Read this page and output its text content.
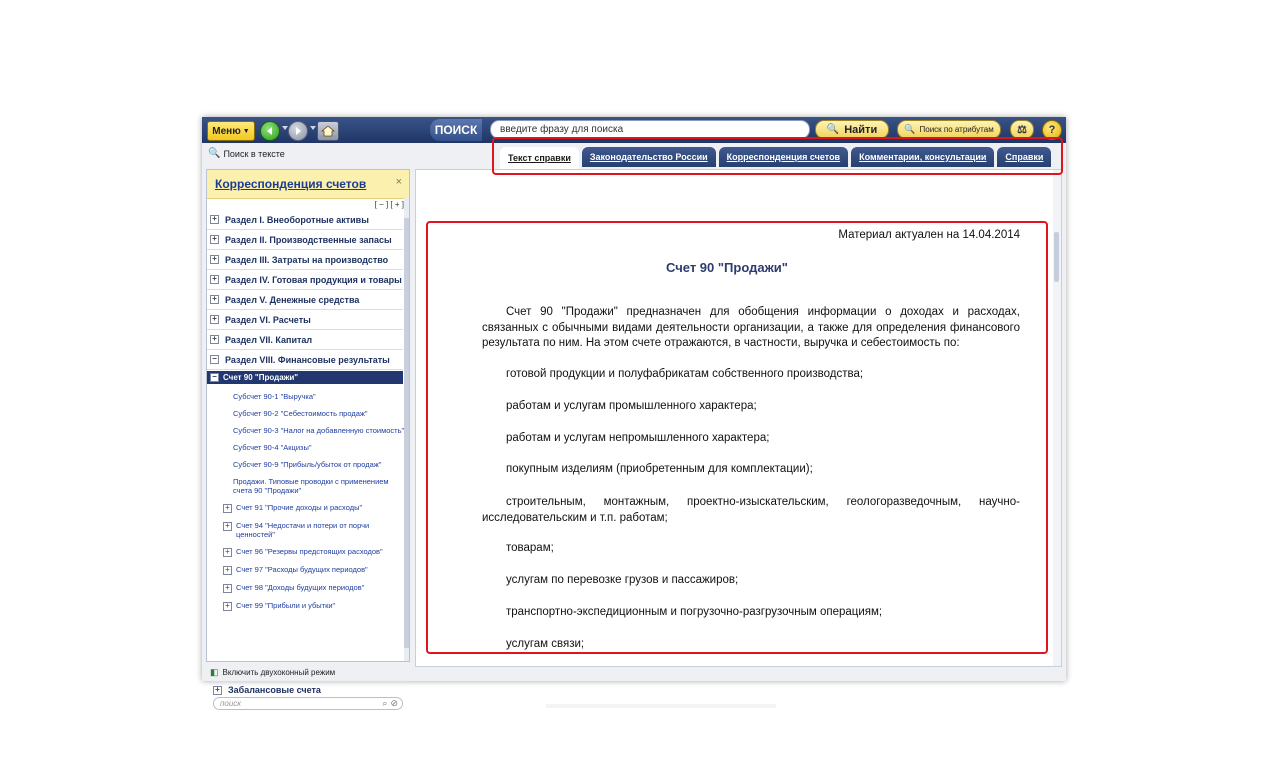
Меню ▼	ПОИСК	введите фразу для поиска	🔍 Найти	🔍 Поиск по атрибутам ⚖ ?
🔍 Поиск в тексте	Текст справки	Законодательство России	Корреспонденция счетов	Комментарии, консультации	Справки
Корреспонденция счетов	×
[ − ] [ + ]
+ Раздел I. Внеоборотные активы
+ Раздел II. Производственные запасы
+ Раздел III. Затраты на производство
+ Раздел IV. Готовая продукция и товары
+ Раздел V. Денежные средства
+ Раздел VI. Расчеты
+ Раздел VII. Капитал
− Раздел VIII. Финансовые результаты
− Счет 90 "Продажи"
Субсчет 90-1 "Выручка"
Субсчет 90-2 "Себестоимость продаж"
Субсчет 90-3 "Налог на добавленную стоимость"
Субсчет 90-4 "Акцизы"
Субсчет 90-9 "Прибыль/убыток от продаж"
Продажи. Типовые проводки с применением счета 90 "Продажи"
+ Счет 91 "Прочие доходы и расходы"
+ Счет 94 "Недостачи и потери от порчи ценностей"
+ Счет 96 "Резервы предстоящих расходов"
+ Счет 97 "Расходы будущих периодов"
+ Счет 98 "Доходы будущих периодов"
+ Счет 99 "Прибыли и убытки"
+ Забалансовые счета
поиск	⌕ ⊘
◧ Включить двухоконный режим
Материал актуален на 14.04.2014
Счет 90 "Продажи"
Счет 90 "Продажи" предназначен для обобщения информации о доходах и расходах, связанных с обычными видами деятельности организации, а также для определения финансового результата по ним. На этом счете отражаются, в частности, выручка и себестоимость по:
готовой продукции и полуфабрикатам собственного производства;
работам и услугам промышленного характера;
работам и услугам непромышленного характера;
покупным изделиям (приобретенным для комплектации);
строительным, монтажным, проектно-изыскательским, геологоразведочным, научно-исследовательским и т.п. работам;
товарам;
услугам по перевозке грузов и пассажиров;
транспортно-экспедиционным и погрузочно-разгрузочным операциям;
услугам связи;
